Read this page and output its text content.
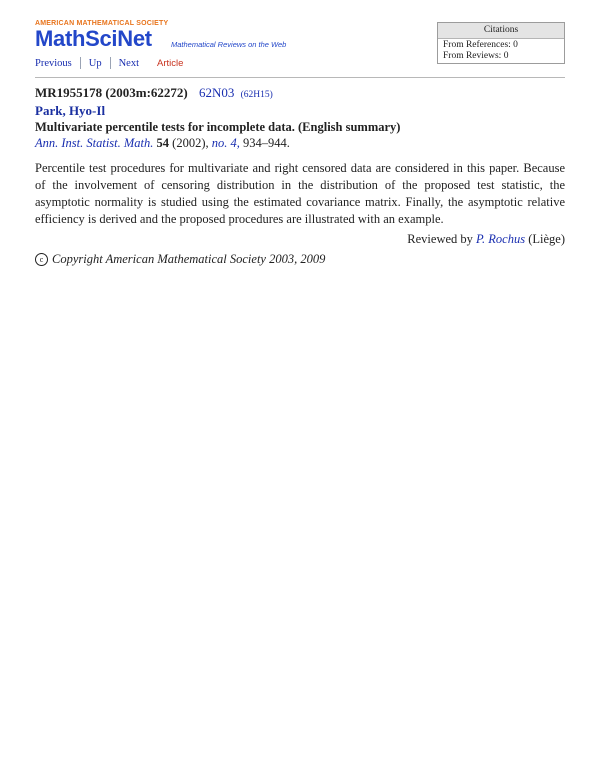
AMERICAN MATHEMATICAL SOCIETY
MathSciNet	Mathematical Reviews on the Web
Previous Up Next Article
Citations
From References: 0
From Reviews: 0
MR1955178 (2003m:62272) 62N03 (62H15)
Park, Hyo-Il
Multivariate percentile tests for incomplete data. (English summary)
Ann. Inst. Statist. Math. 54 (2002), no. 4, 934–944.
Percentile test procedures for multivariate and right censored data are considered in this paper. Because of the involvement of censoring distribution in the distribution of the proposed test statistic, the asymptotic normality is studied using the estimated covariance matrix. Finally, the asymptotic relative efficiency is derived and the proposed procedures are illustrated with an example.
Reviewed by P. Rochus (Liège)
c Copyright American Mathematical Society 2003, 2009
